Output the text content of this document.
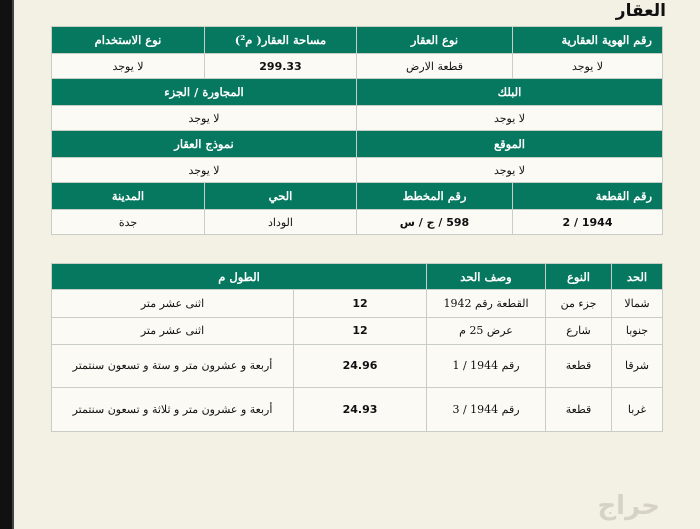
العقار
رقم الهوية العقارية	نوع العقار	مساحة العقار( م²)	نوع الاستخدام
لا يوجد	قطعة الارض	299.33	لا يوجد
البلك		المجاورة / الجزء	
لا يوجد		لا يوجد	
الموقع		نموذج العقار	
لا يوجد		لا يوجد	
رقم القطعة	رقم المخطط	الحي	المدينة
1944 / 2	598 / ج / س	الوداد	جدة
الحد	النوع	وصف الحد	الطول م	
شمالا	جزء من	القطعة رقم 1942	12	اثنى عشر متر
جنوبا	شارع	عرض 25 م	12	اثنى عشر متر
شرقا	قطعة	رقم 1944 / 1	24.96	أربعة و عشرون متر و ستة و تسعون سنتمتر
غربا	قطعة	رقم 1944 / 3	24.93	أربعة و عشرون متر و ثلاثة و تسعون سنتمتر
حراج
